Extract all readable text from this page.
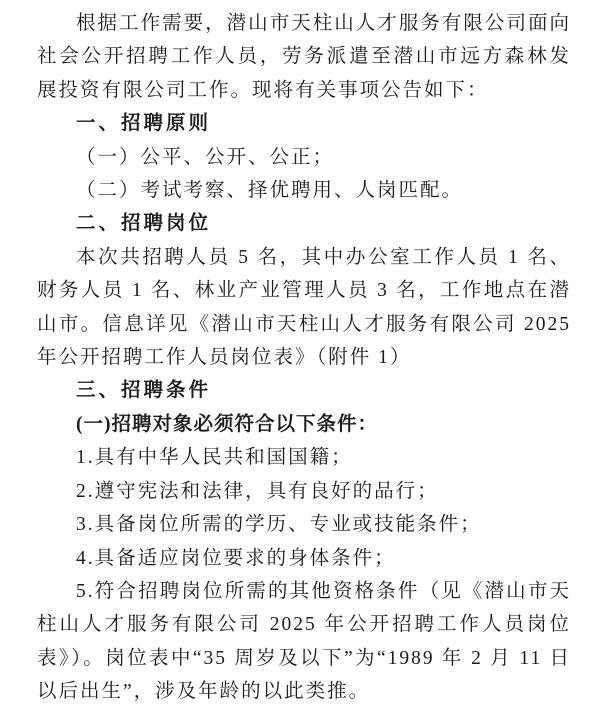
根据工作需要，潜山市天柱山人才服务有限公司面向社会公开招聘工作人员，劳务派遣至潜山市远方森林发展投资有限公司工作。现将有关事项公告如下：

一、招聘原则

（一）公平、公开、公正；

（二）考试考察、择优聘用、人岗匹配。

二、招聘岗位

本次共招聘人员 5 名，其中办公室工作人员 1 名、财务人员 1 名、林业产业管理人员 3 名，工作地点在潜山市。信息详见《潜山市天柱山人才服务有限公司 2025 年公开招聘工作人员岗位表》（附件 1）

三、招聘条件

(一)招聘对象必须符合以下条件：

1.具有中华人民共和国国籍；

2.遵守宪法和法律，具有良好的品行；

3.具备岗位所需的学历、专业或技能条件；

4.具备适应岗位要求的身体条件；

5.符合招聘岗位所需的其他资格条件（见《潜山市天柱山人才服务有限公司 2025 年公开招聘工作人员岗位表》）。岗位表中“35 周岁及以下”为“1989 年 2 月 11 日以后出生”，涉及年龄的以此类推。
